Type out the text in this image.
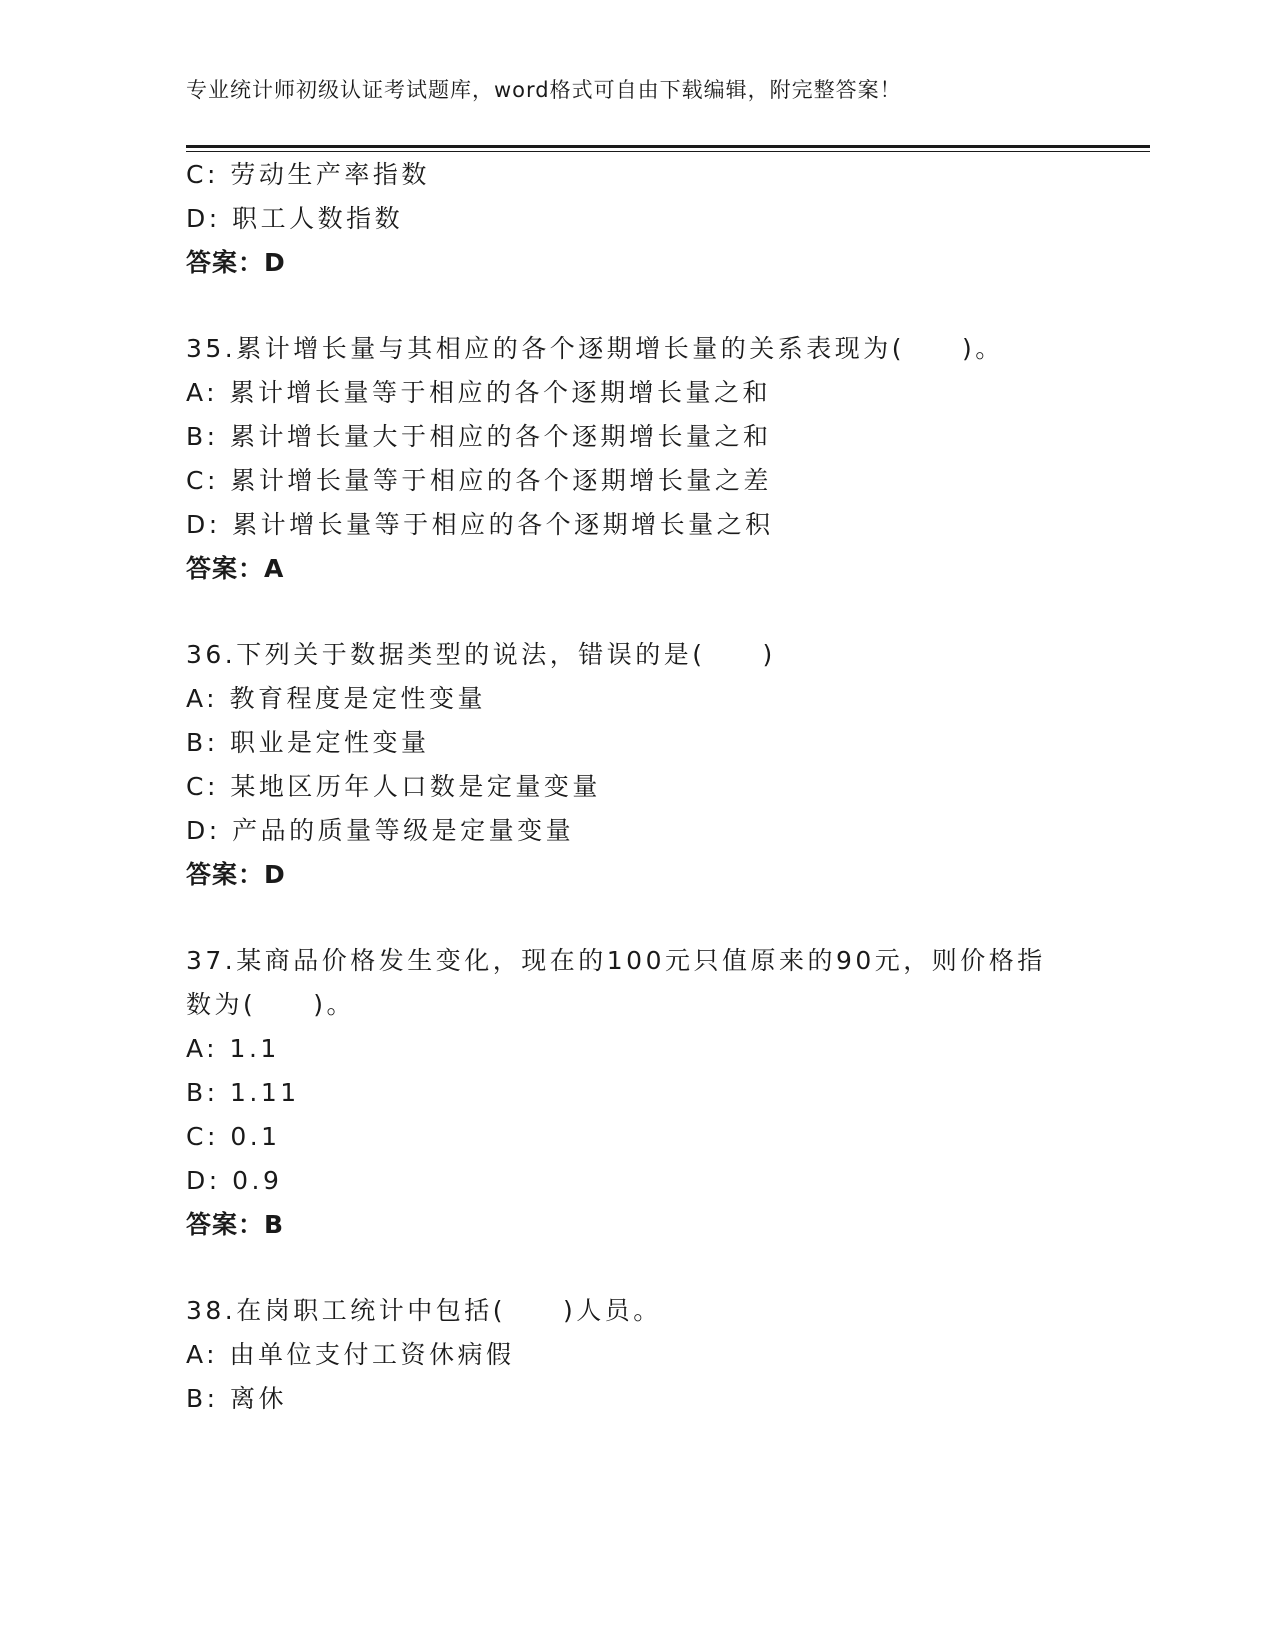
专业统计师初级认证考试题库，word格式可自由下载编辑，附完整答案！
C: 劳动生产率指数
D: 职工人数指数
答案：D
35.累计增长量与其相应的各个逐期增长量的关系表现为(　　)。
A: 累计增长量等于相应的各个逐期增长量之和
B: 累计增长量大于相应的各个逐期增长量之和
C: 累计增长量等于相应的各个逐期增长量之差
D: 累计增长量等于相应的各个逐期增长量之积
答案：A
36.下列关于数据类型的说法，错误的是(　　)
A: 教育程度是定性变量
B: 职业是定性变量
C: 某地区历年人口数是定量变量
D: 产品的质量等级是定量变量
答案：D
37.某商品价格发生变化，现在的100元只值原来的90元，则价格指
数为(　　)。
A: 1.1
B: 1.11
C: 0.1
D: 0.9
答案：B
38.在岗职工统计中包括(　　)人员。
A: 由单位支付工资休病假
B: 离休
